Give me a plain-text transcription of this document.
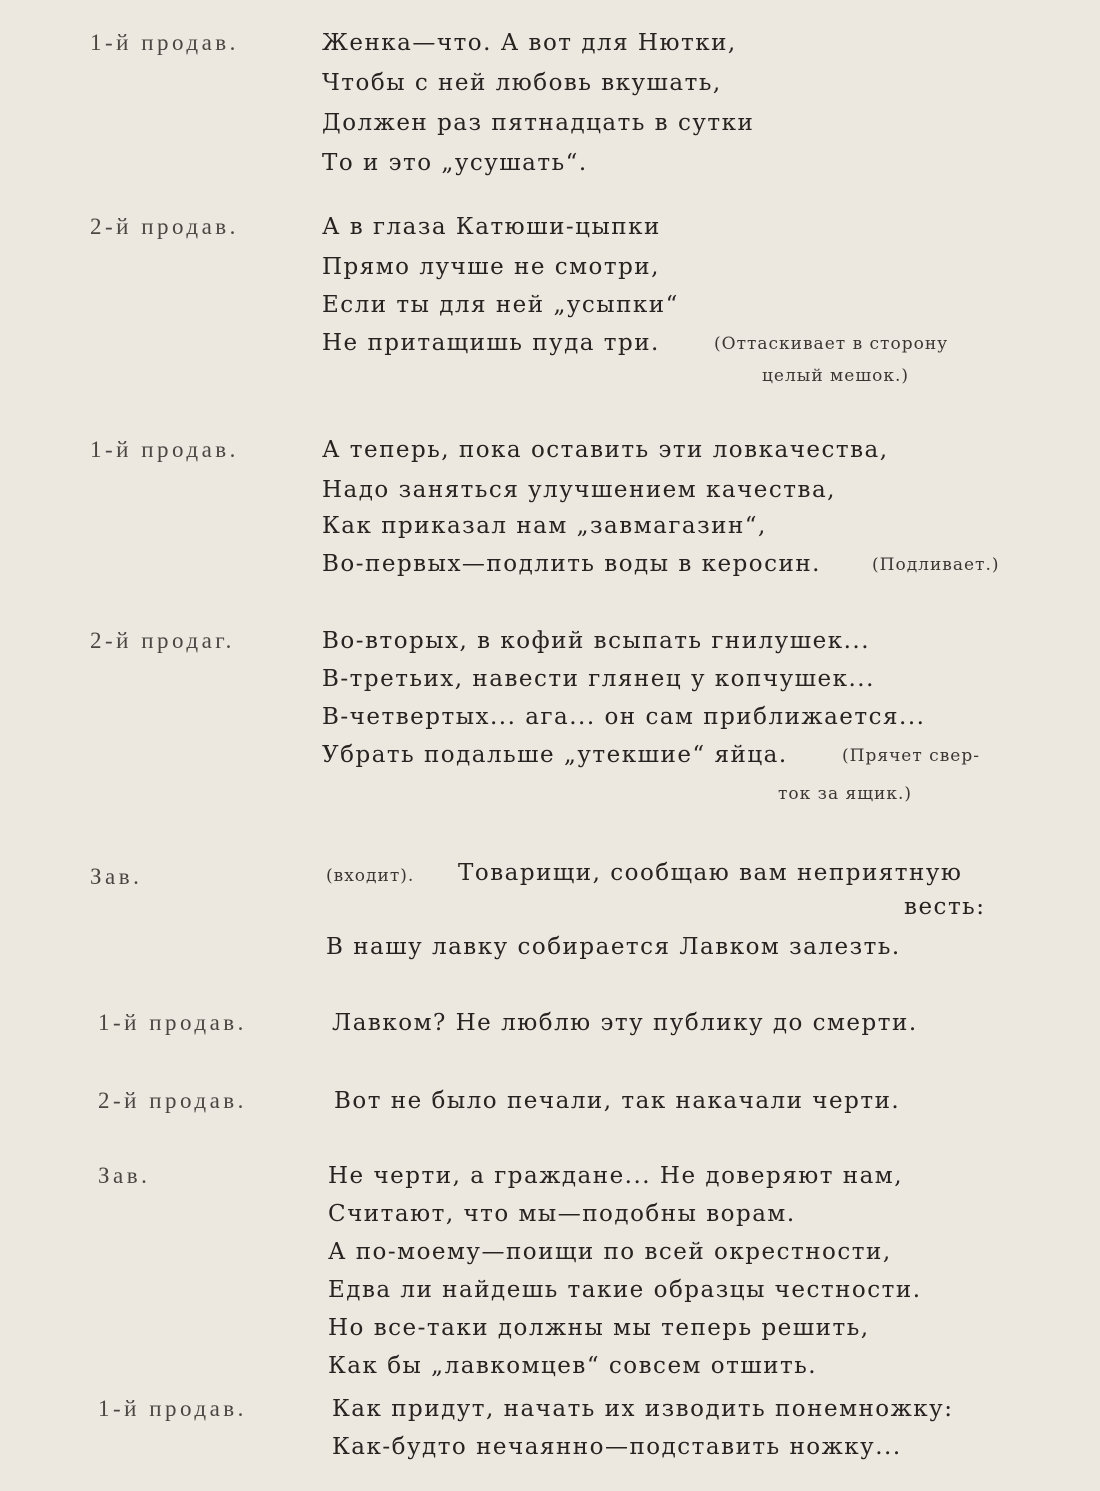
1-й продав.	Женка—что. А вот для Нютки,
Чтобы с ней любовь вкушать,
Должен раз пятнадцать в сутки
То и это „усушать“.
2-й продав.	А в глаза Катюши-цыпки
Прямо лучше не смотри,
Если ты для ней „усыпки“
Не притащишь пуда три.	(Оттаскивает в сторону
целый мешок.)
1-й продав.	А теперь, пока оставить эти ловкачества,
Надо заняться улучшением качества,
Как приказал нам „завмагазин“,
Во-первых—подлить воды в керосин.	(Подливает.)
2-й продаг.	Во-вторых, в кофий всыпать гнилушек...
В-третьих, навести глянец у копчушек...
В-четвертых... ага... он сам приближается...
Убрать подальше „утекшие“ яйца.	(Прячет свер-
ток за ящик.)
Зав.	(входит). Товарищи, сообщаю вам неприятную
весть:
В нашу лавку собирается Лавком залезть.
1-й продав.	Лавком? Не люблю эту публику до смерти.
2-й продав.	Вот не было печали, так накачали черти.
Зав.	Не черти, а граждане... Не доверяют нам,
Считают, что мы—подобны ворам.
А по-моему—поищи по всей окрестности,
Едва ли найдешь такие образцы честности.
Но все-таки должны мы теперь решить,
Как бы „лавкомцев“ совсем отшить.
1-й продав.	Как придут, начать их изводить понемножку:
Как-будто нечаянно—подставить ножку...
